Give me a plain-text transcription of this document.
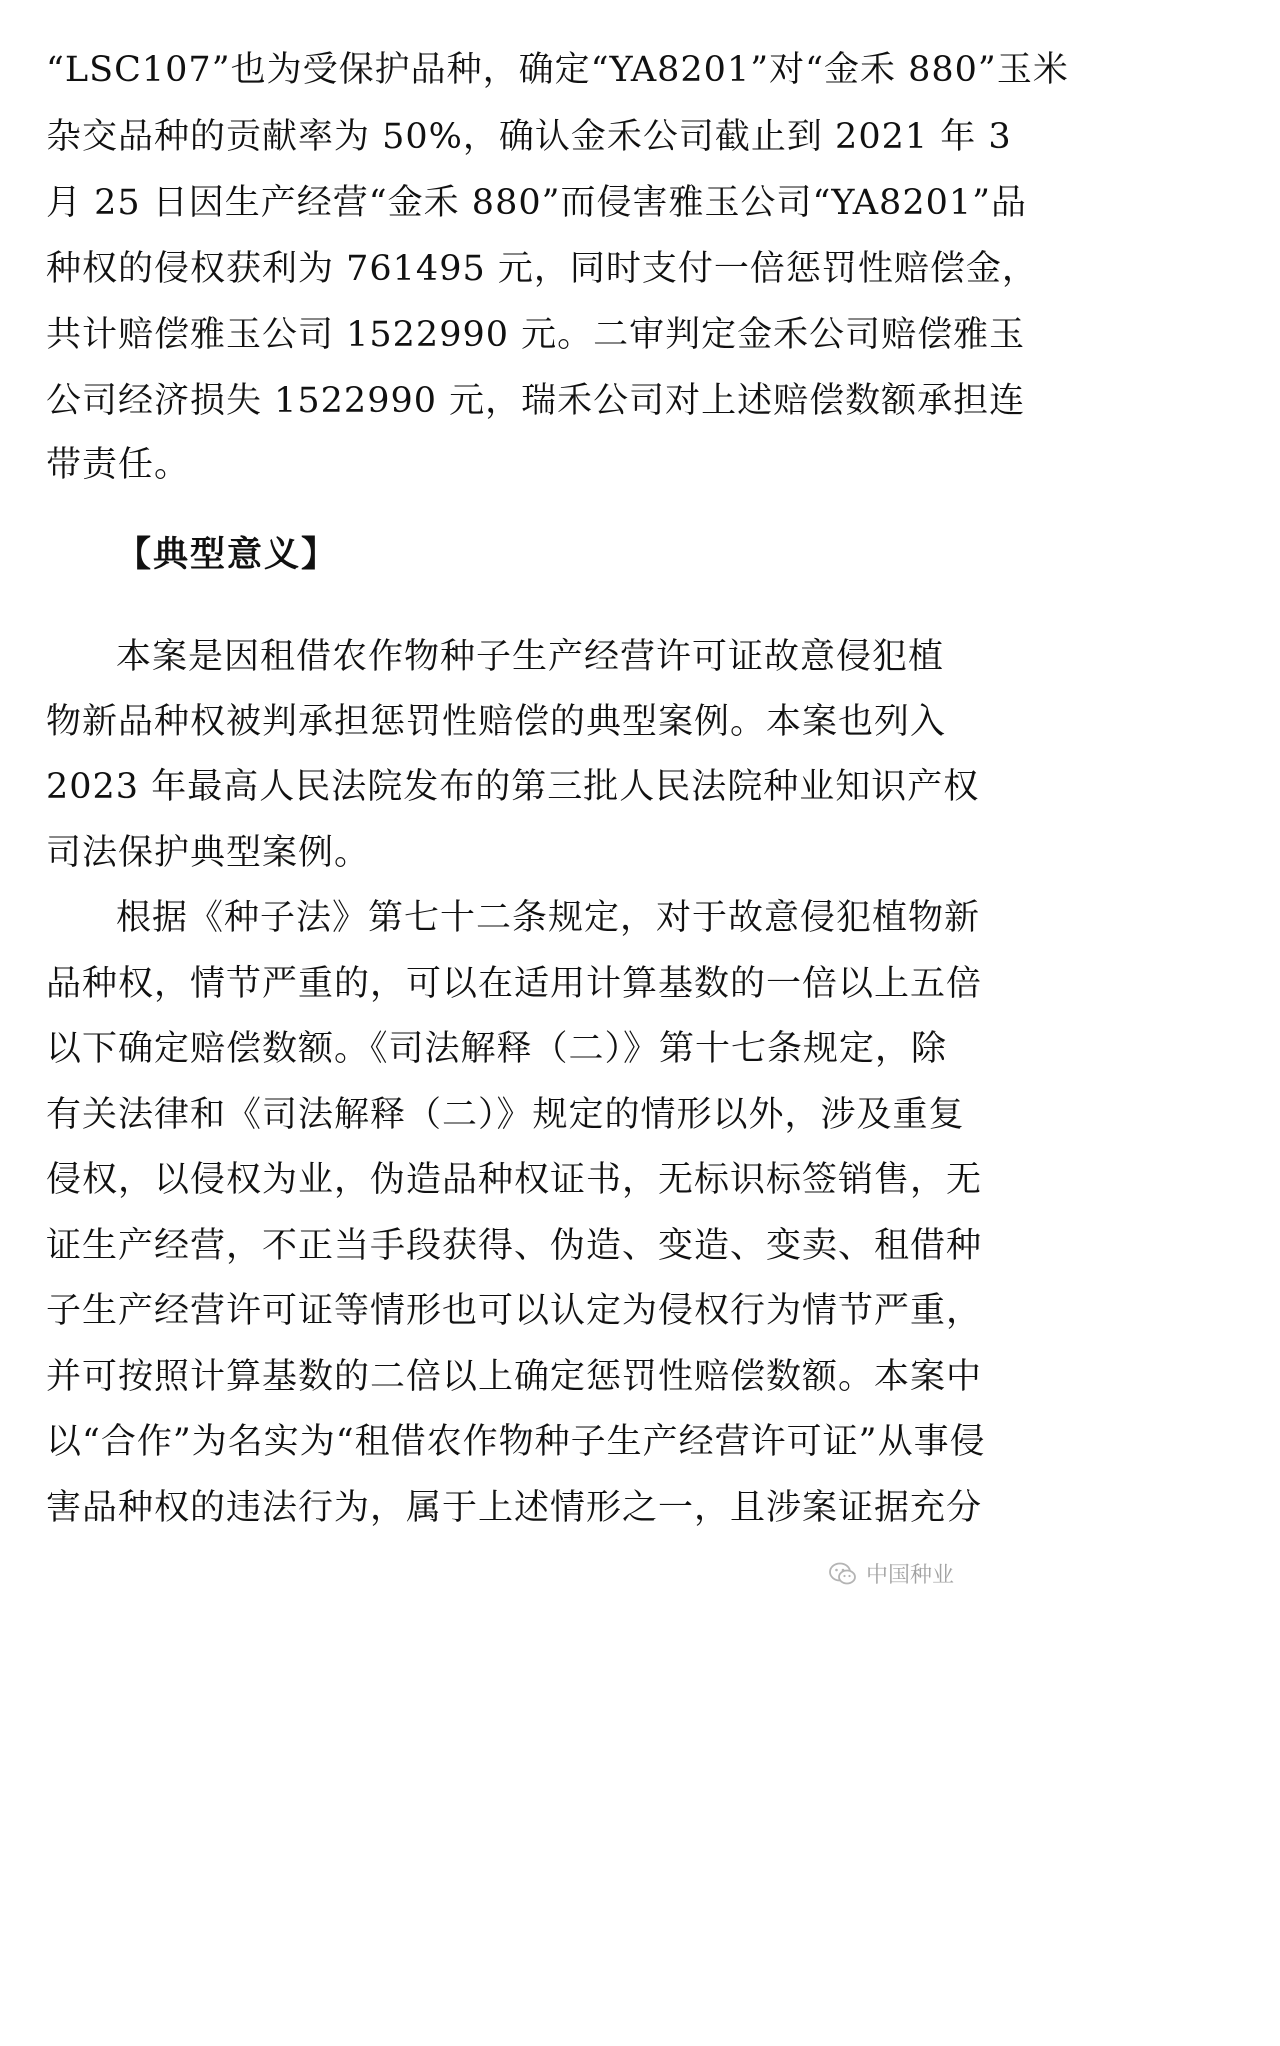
“LSC107”也为受保护品种，确定“YA8201”对“金禾 880”玉米
杂交品种的贡献率为 50%，确认金禾公司截止到 2021 年 3
月 25 日因生产经营“金禾 880”而侵害雅玉公司“YA8201”品
种权的侵权获利为 761495 元，同时支付一倍惩罚性赔偿金，
共计赔偿雅玉公司 1522990 元。二审判定金禾公司赔偿雅玉
公司经济损失 1522990 元，瑞禾公司对上述赔偿数额承担连
带责任。
【典型意义】
本案是因租借农作物种子生产经营许可证故意侵犯植
物新品种权被判承担惩罚性赔偿的典型案例。本案也列入
2023 年最高人民法院发布的第三批人民法院种业知识产权
司法保护典型案例。
根据《种子法》第七十二条规定，对于故意侵犯植物新
品种权，情节严重的，可以在适用计算基数的一倍以上五倍
以下确定赔偿数额。《司法解释（二）》第十七条规定，除
有关法律和《司法解释（二）》规定的情形以外，涉及重复
侵权，以侵权为业，伪造品种权证书，无标识标签销售，无
证生产经营，不正当手段获得、伪造、变造、变卖、租借种
子生产经营许可证等情形也可以认定为侵权行为情节严重，
并可按照计算基数的二倍以上确定惩罚性赔偿数额。本案中
以“合作”为名实为“租借农作物种子生产经营许可证”从事侵
害品种权的违法行为，属于上述情形之一，且涉案证据充分
中国种业
